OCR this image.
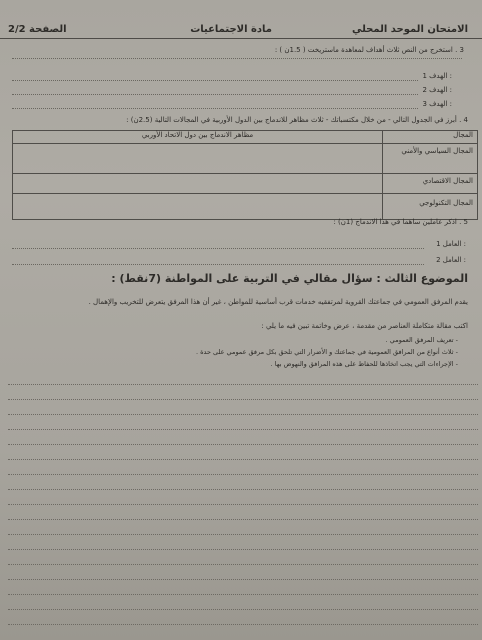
الامتحان الموحد المحلي
مادة الاجتماعيات
الصفحة 2/2
3 . استخرج من النص ثلاث أهداف لمعاهدة ماستريخت ( 1.5ن ) :
الهدف 1 :
الهدف 2 :
الهدف 3 :
4 . أبرز في الجدول التالي - من خلال مكتسباتك - ثلاث مظاهر للاندماج بين الدول الأوربية في المجالات التالية (2.5ن) :
المجال	مظاهر الاندماج بين دول الاتحاد الأوربي
المجال السياسي والأمني	
المجال الاقتصادي	
المجال التكنولوجي	
5 . اذكر عاملين ساهما في هذا الاندماج (1ن) :
العامل 1 :
العامل 2 :
الموضوع الثالث : سؤال مقالي في التربية على المواطنة (7نقط) :
يقدم المرفق العمومي في جماعتك القروية لمرتفقيه خدمات قرب أساسية للمواطن ، غير أن هذا المرفق يتعرض للتخريب والإهمال .
اكتب مقالة متكاملة العناصر من مقدمة ، عرض وخاتمة تبين فيه ما يلي :
- تعريف المرفق العمومي .
- ثلاث أنواع من المرافق العمومية في جماعتك و الأضرار التي تلحق بكل مرفق عمومي على حدة .
- الإجراءات التي يجب اتخاذها للحفاظ على هذه المرافق والنهوض بها .
